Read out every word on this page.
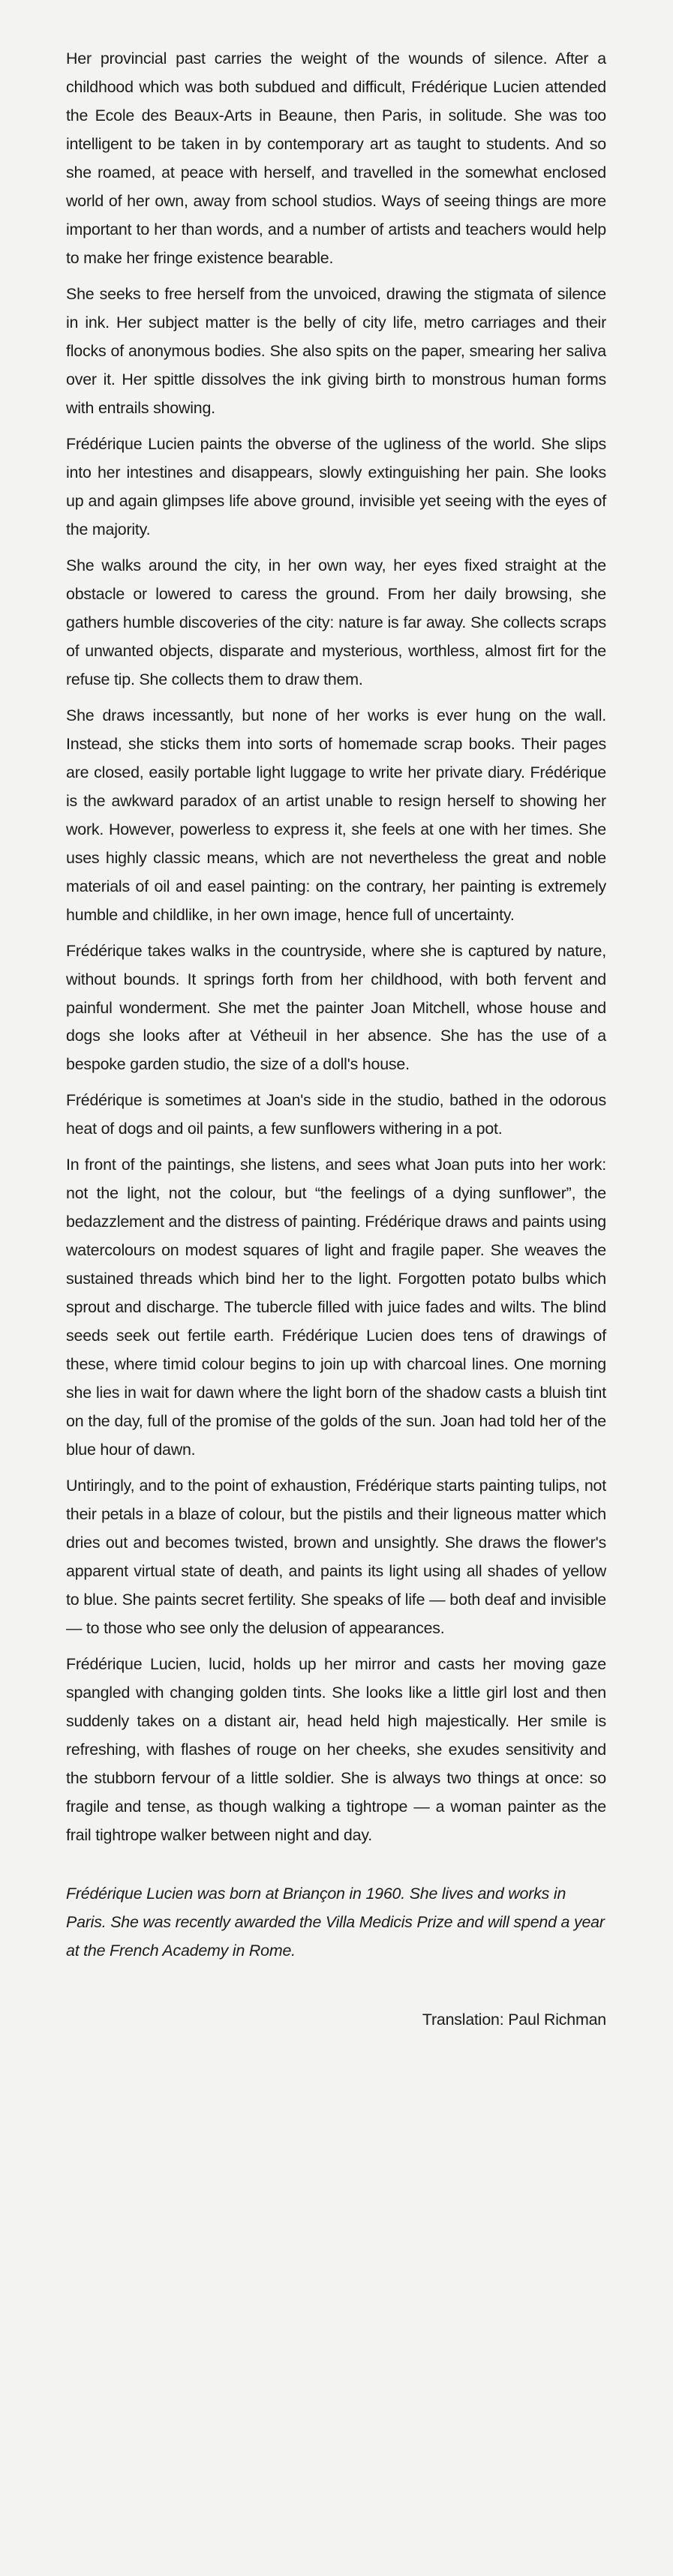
Her provincial past carries the weight of the wounds of silence. After a childhood which was both subdued and difficult, Frédérique Lucien attended the Ecole des Beaux-Arts in Beaune, then Paris, in solitude. She was too intelligent to be taken in by contemporary art as taught to students. And so she roamed, at peace with herself, and travelled in the somewhat enclosed world of her own, away from school studios. Ways of seeing things are more important to her than words, and a number of artists and teachers would help to make her fringe existence bearable.

She seeks to free herself from the unvoiced, drawing the stigmata of silence in ink. Her subject matter is the belly of city life, metro carriages and their flocks of anonymous bodies. She also spits on the paper, smearing her saliva over it. Her spittle dissolves the ink giving birth to monstrous human forms with entrails showing.

Frédérique Lucien paints the obverse of the ugliness of the world. She slips into her intestines and disappears, slowly extinguishing her pain. She looks up and again glimpses life above ground, invisible yet seeing with the eyes of the majority.

She walks around the city, in her own way, her eyes fixed straight at the obstacle or lowered to caress the ground. From her daily browsing, she gathers humble discoveries of the city: nature is far away. She collects scraps of unwanted objects, disparate and mysterious, worthless, almost firt for the refuse tip. She collects them to draw them.

She draws incessantly, but none of her works is ever hung on the wall. Instead, she sticks them into sorts of homemade scrap books. Their pages are closed, easily portable light luggage to write her private diary. Frédérique is the awkward paradox of an artist unable to resign herself to showing her work. However, powerless to express it, she feels at one with her times. She uses highly classic means, which are not nevertheless the great and noble materials of oil and easel painting: on the contrary, her painting is extremely humble and childlike, in her own image, hence full of uncertainty.

Frédérique takes walks in the countryside, where she is captured by nature, without bounds. It springs forth from her childhood, with both fervent and painful wonderment. She met the painter Joan Mitchell, whose house and dogs she looks after at Vétheuil in her absence. She has the use of a bespoke garden studio, the size of a doll's house.

Frédérique is sometimes at Joan's side in the studio, bathed in the odorous heat of dogs and oil paints, a few sunflowers withering in a pot.

In front of the paintings, she listens, and sees what Joan puts into her work: not the light, not the colour, but “the feelings of a dying sunflower”, the bedazzlement and the distress of painting. Frédérique draws and paints using watercolours on modest squares of light and fragile paper. She weaves the sustained threads which bind her to the light. Forgotten potato bulbs which sprout and discharge. The tubercle filled with juice fades and wilts. The blind seeds seek out fertile earth. Frédérique Lucien does tens of drawings of these, where timid colour begins to join up with charcoal lines. One morning she lies in wait for dawn where the light born of the shadow casts a bluish tint on the day, full of the promise of the golds of the sun. Joan had told her of the blue hour of dawn.

Untiringly, and to the point of exhaustion, Frédérique starts painting tulips, not their petals in a blaze of colour, but the pistils and their ligneous matter which dries out and becomes twisted, brown and unsightly. She draws the flower's apparent virtual state of death, and paints its light using all shades of yellow to blue. She paints secret fertility. She speaks of life — both deaf and invisible — to those who see only the delusion of appearances.

Frédérique Lucien, lucid, holds up her mirror and casts her moving gaze spangled with changing golden tints. She looks like a little girl lost and then suddenly takes on a distant air, head held high majestically. Her smile is refreshing, with flashes of rouge on her cheeks, she exudes sensitivity and the stubborn fervour of a little soldier. She is always two things at once: so fragile and tense, as though walking a tightrope — a woman painter as the frail tightrope walker between night and day.

Frédérique Lucien was born at Briançon in 1960. She lives and works in Paris. She was recently awarded the Villa Medicis Prize and will spend a year at the French Academy in Rome.
Translation: Paul Richman
